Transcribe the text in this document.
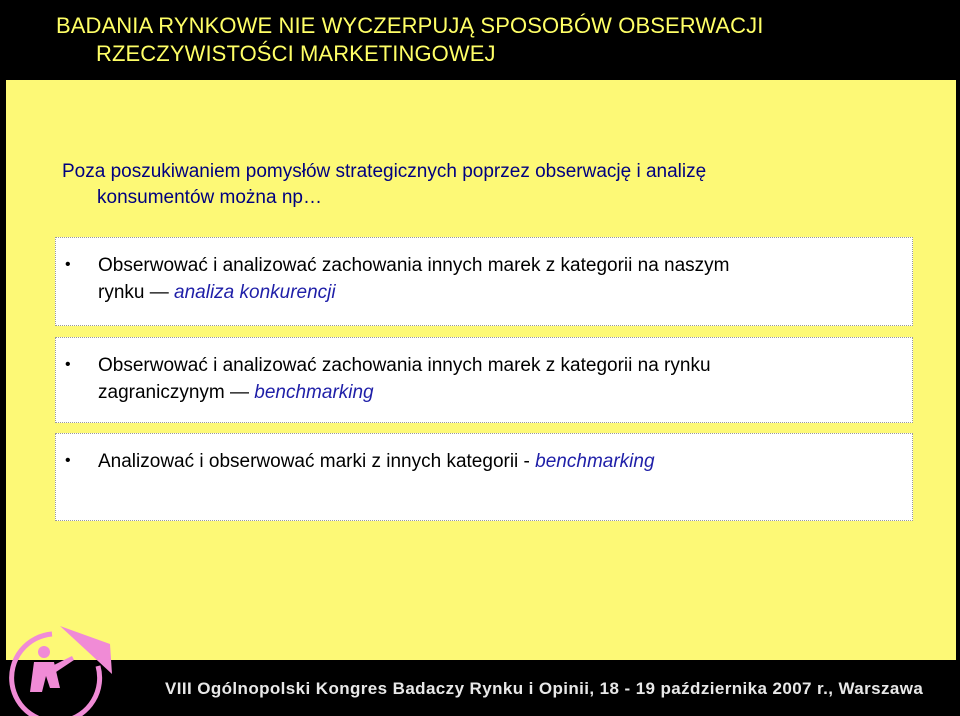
BADANIA RYNKOWE NIE WYCZERPUJĄ SPOSOBÓW OBSERWACJI
RZECZYWISTOŚCI MARKETINGOWEJ
Poza poszukiwaniem pomysłów strategicznych poprzez obserwację i analizę
konsumentów można np…
• Obserwować i analizować zachowania innych marek z kategorii na naszym
rynku — analiza konkurencji
• Obserwować i analizować zachowania innych marek z kategorii na rynku
zagraniczynym — benchmarking
• Analizować i obserwować marki z innych kategorii - benchmarking
VIII Ogólnopolski Kongres Badaczy Rynku i Opinii, 18 - 19 października 2007 r., Warszawa
